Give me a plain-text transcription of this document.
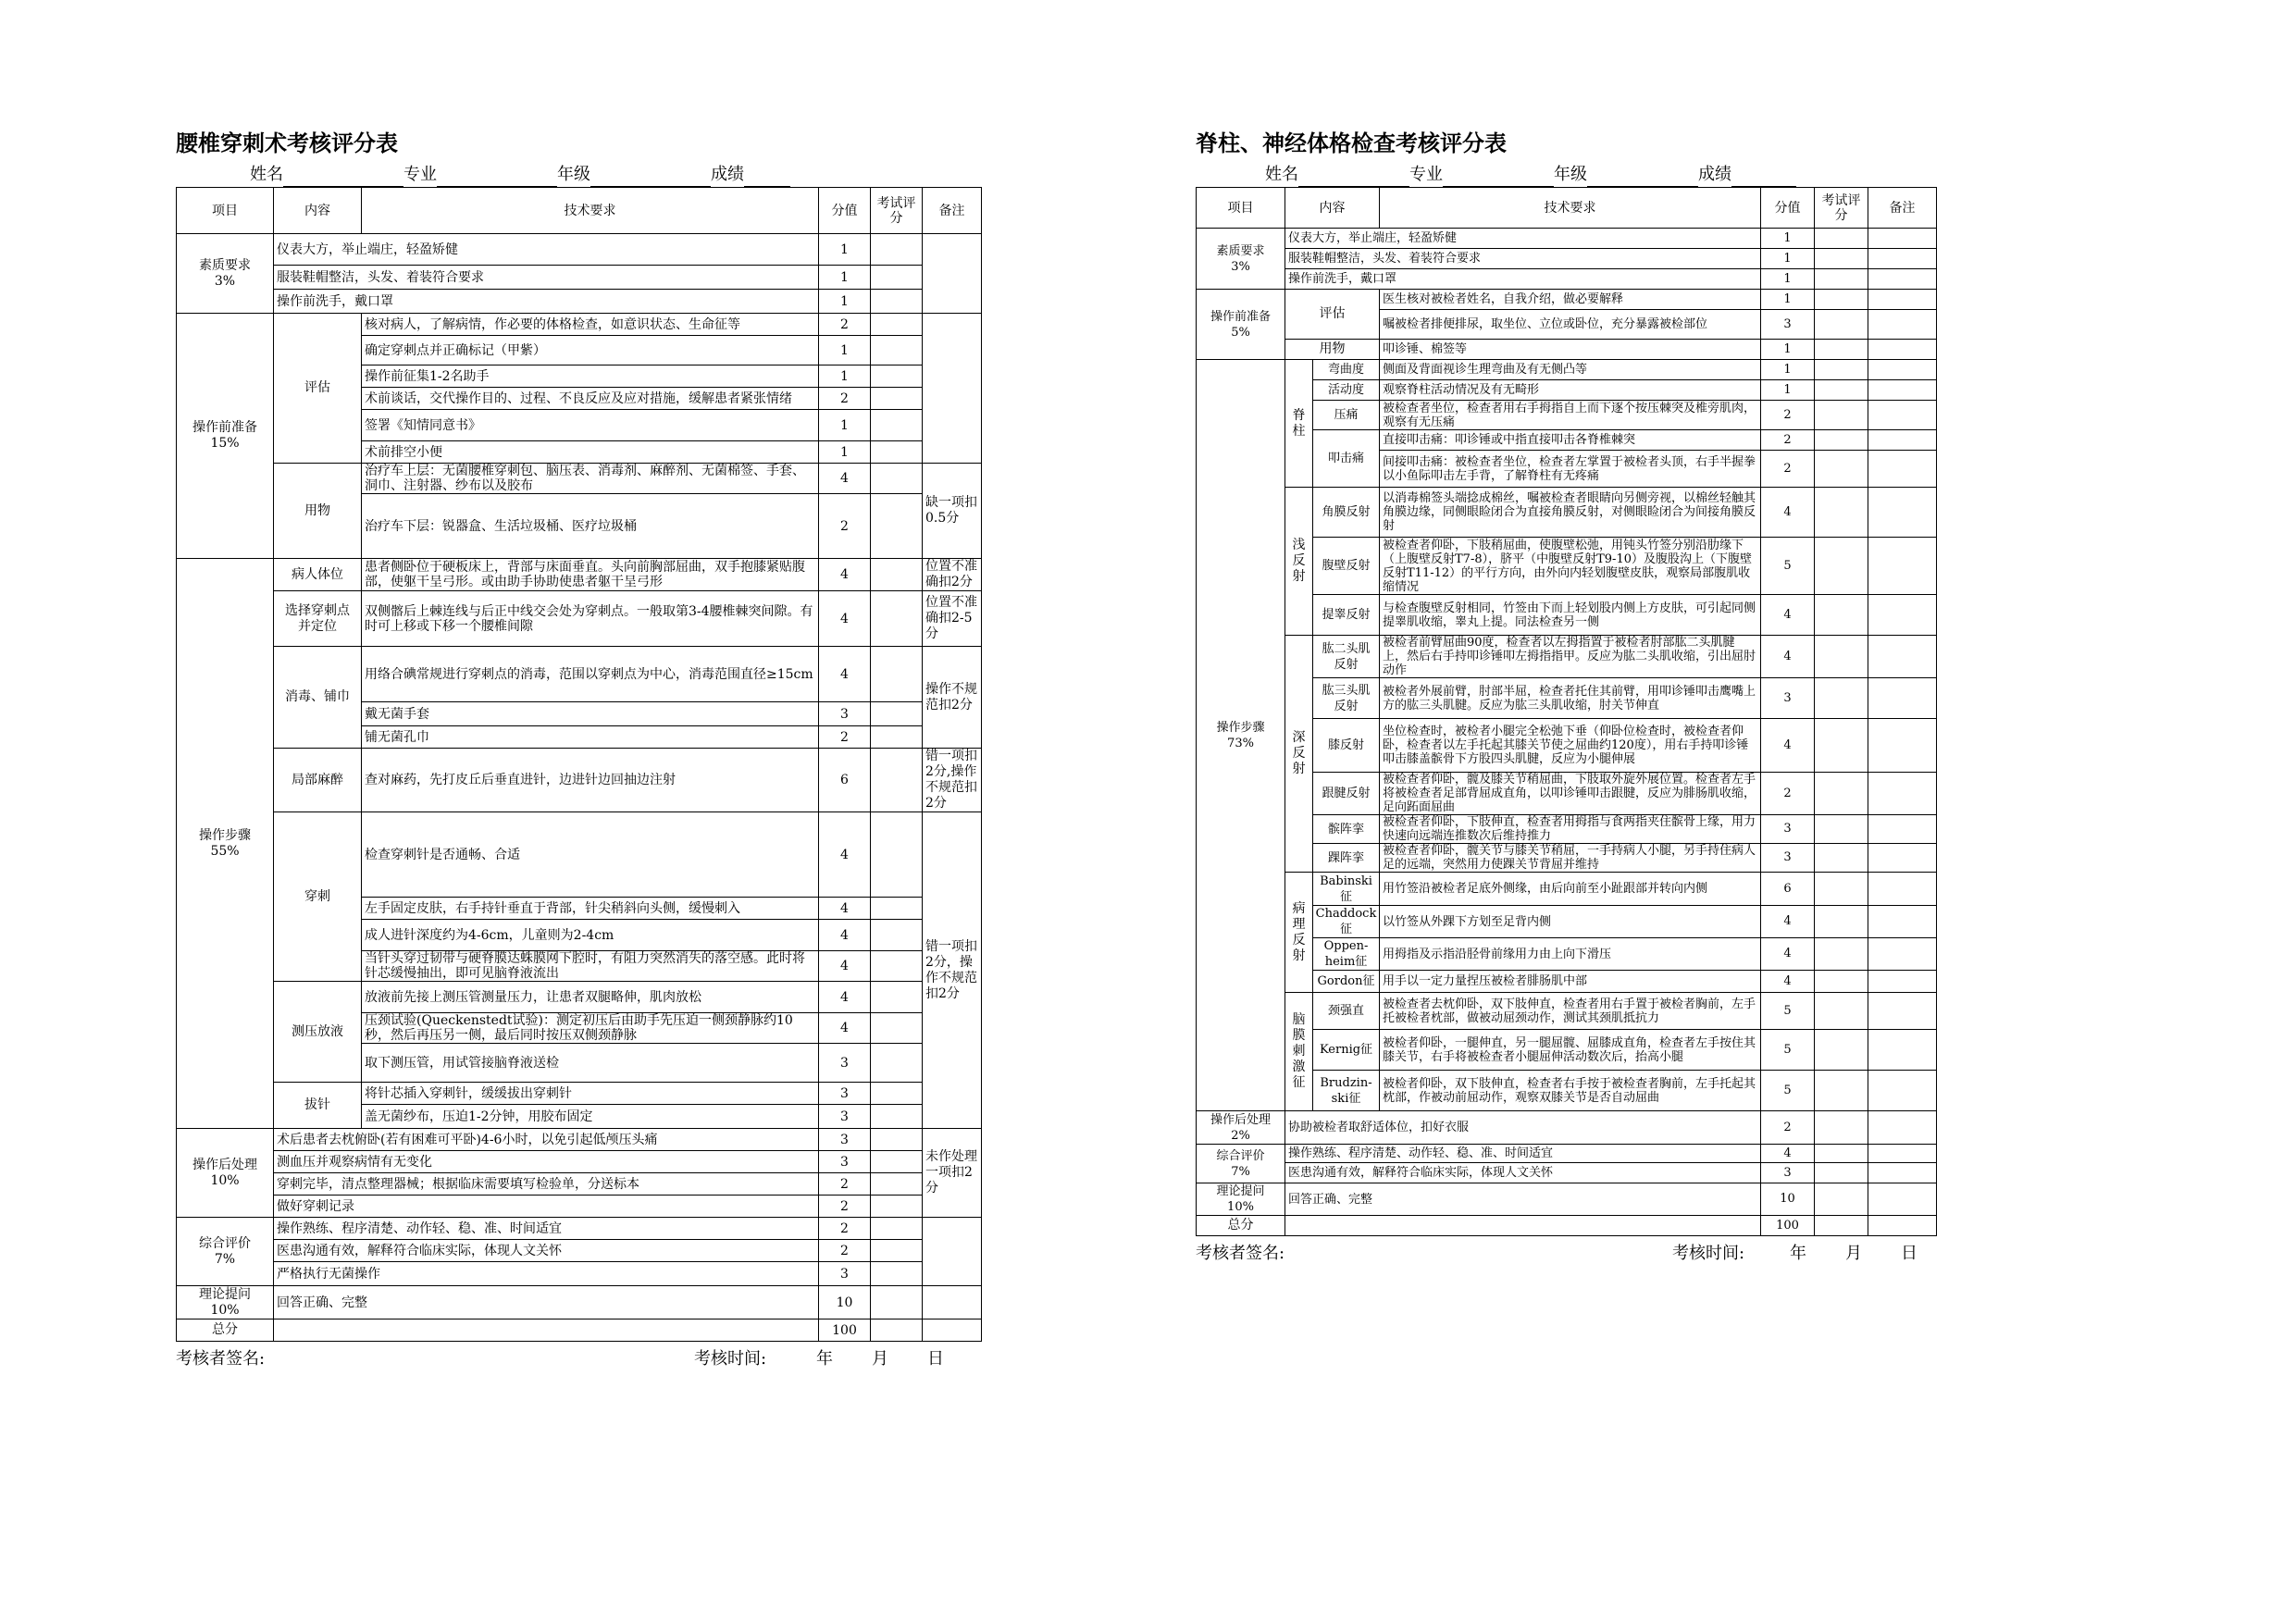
腰椎穿刺术考核评分表
姓名	专业	年级	成绩
项目	内容	技术要求	分值	考试评分	备注
素质要求
3%	仪表大方，举止端庄，轻盈矫健		1		
	服装鞋帽整洁，头发、着装符合要求		1		
	操作前洗手，戴口罩		1		
操作前准备
15%	评估	核对病人，了解病情，作必要的体格检查，如意识状态、生命征等	2		
		确定穿刺点并正确标记（甲紫）	1		
		操作前征集1-2名助手	1		
		术前谈话，交代操作目的、过程、不良反应及应对措施，缓解患者紧张情绪	2		
		签署《知情同意书》	1		
		术前排空小便	1		
	用物	治疗车上层：无菌腰椎穿刺包、脑压表、消毒剂、麻醉剂、无菌棉签、手套、洞巾、注射器、纱布以及胶布	4		缺一项扣0.5分
		治疗车下层：锐器盒、生活垃圾桶、医疗垃圾桶	2		
操作步骤
55%	病人体位	患者侧卧位于硬板床上，背部与床面垂直。头向前胸部屈曲，双手抱膝紧贴腹部，使躯干呈弓形。或由助手协助使患者躯干呈弓形	4		位置不准确扣2分
	选择穿刺点
并定位	双侧髂后上棘连线与后正中线交会处为穿刺点。一般取第3-4腰椎棘突间隙。有时可上移或下移一个腰椎间隙	4		位置不准确扣2-5分
	消毒、铺巾	用络合碘常规进行穿刺点的消毒，范围以穿刺点为中心，消毒范围直径≥15cm	4		操作不规范扣2分
		戴无菌手套	3		
		铺无菌孔巾	2		
	局部麻醉	查对麻药，先打皮丘后垂直进针，边进针边回抽边注射	6		错一项扣2分,操作不规范扣2分
	穿刺	检查穿刺针是否通畅、合适	4		错一项扣2分，操作不规范扣2分
		左手固定皮肤，右手持针垂直于背部，针尖稍斜向头侧，缓慢刺入	4		
		成人进针深度约为4-6cm，儿童则为2-4cm	4		
		当针头穿过韧带与硬脊膜达蛛膜网下腔时，有阻力突然消失的落空感。此时将针芯缓慢抽出，即可见脑脊液流出	4		
	测压放液	放液前先接上测压管测量压力，让患者双腿略伸，肌肉放松	4		
		压颈试验(Queckenstedt试验)：测定初压后由助手先压迫一侧颈静脉约10秒，然后再压另一侧，最后同时按压双侧颈静脉	4		
		取下测压管，用试管接脑脊液送检	3		
	拔针	将针芯插入穿刺针，缓缓拔出穿刺针	3		
		盖无菌纱布，压迫1-2分钟，用胶布固定	3		
操作后处理
10%	术后患者去枕俯卧(若有困难可平卧)4-6小时，以免引起低颅压头痛		3		未作处理一项扣2分
	测血压并观察病情有无变化		3		
	穿刺完毕，清点整理器械；根据临床需要填写检验单，分送标本		2		
	做好穿刺记录		2		
综合评价
7%	操作熟练、程序清楚、动作轻、稳、准、时间适宜		2		
	医患沟通有效，解释符合临床实际，体现人文关怀		2		
	严格执行无菌操作		3		
理论提问
10%	回答正确、完整		10		
总分			100		
考核者签名:	考核时间:	年	月	日
脊柱、神经体格检查考核评分表
姓名	专业	年级	成绩
项目	内容		技术要求	分值	考试评分	备注
素质要求
3%	仪表大方，举止端庄，轻盈矫健			1		
	服装鞋帽整洁，头发、着装符合要求			1		
	操作前洗手，戴口罩			1		
操作前准备
5%	评估		医生核对被检者姓名，自我介绍，做必要解释	1		
			嘱被检者排便排尿，取坐位、立位或卧位，充分暴露被检部位	3		
	用物		叩诊锤、棉签等	1		
操作步骤
73%	脊
柱	弯曲度	侧面及背面视诊生理弯曲及有无侧凸等	1		
		活动度	观察脊柱活动情况及有无畸形	1		
		压痛	被检查者坐位，检查者用右手拇指自上而下逐个按压棘突及椎旁肌肉，观察有无压痛	2		
		叩击痛	直接叩击痛：叩诊锤或中指直接叩击各脊椎棘突	2		
			间接叩击痛：被检查者坐位，检查者左掌置于被检者头顶，右手半握拳以小鱼际叩击左手背，了解脊柱有无疼痛	2		
	浅
反
射	角膜反射	以消毒棉签头端捻成棉丝，嘱被检查者眼睛向另侧旁视，以棉丝轻触其角膜边缘，同侧眼睑闭合为直接角膜反射，对侧眼睑闭合为间接角膜反射	4		
		腹壁反射	被检查者仰卧，下肢稍屈曲，使腹壁松弛，用钝头竹签分别沿肋缘下（上腹壁反射T7-8），脐平（中腹壁反射T9-10）及腹股沟上（下腹壁反射T11-12）的平行方向，由外向内轻划腹壁皮肤，观察局部腹肌收缩情况	5		
		提睾反射	与检查腹壁反射相同，竹签由下而上轻划股内侧上方皮肤，可引起同侧提睾肌收缩，睾丸上提。同法检查另一侧	4		
	深
反
射	肱二头肌
反射	被检者前臂屈曲90度，检查者以左拇指置于被检者肘部肱二头肌腱上，然后右手持叩诊锤叩左拇指指甲。反应为肱二头肌收缩，引出屈肘动作	4		
		肱三头肌
反射	被检者外展前臂，肘部半屈，检查者托住其前臂，用叩诊锤叩击鹰嘴上方的肱三头肌腱。反应为肱三头肌收缩，肘关节伸直	3		
		膝反射	坐位检查时，被检者小腿完全松弛下垂（仰卧位检查时，被检查者仰卧，检查者以左手托起其膝关节使之屈曲约120度），用右手持叩诊锤叩击膝盖髌骨下方股四头肌腱，反应为小腿伸展	4		
		跟腱反射	被检查者仰卧，髋及膝关节稍屈曲，下肢取外旋外展位置。检查者左手将被检查者足部背屈成直角，以叩诊锤叩击跟腱，反应为腓肠肌收缩，足向跖面屈曲	2		
		髌阵挛	被检查者仰卧，下肢伸直，检查者用拇指与食两指夹住髌骨上缘，用力快速向远端连推数次后维持推力	3		
		踝阵挛	被检查者仰卧，髋关节与膝关节稍屈，一手持病人小腿，另手持住病人足的远端，突然用力使踝关节背屈并维持	3		
	病
理
反
射	Babinski
征	用竹签沿被检者足底外侧缘，由后向前至小趾跟部并转向内侧	6		
		Chaddock
征	以竹签从外踝下方划至足背内侧	4		
		Oppen-
heim征	用拇指及示指沿胫骨前缘用力由上向下滑压	4		
		Gordon征	用手以一定力量捏压被检者腓肠肌中部	4		
	脑
膜
刺
激
征	颈强直	被检查者去枕仰卧，双下肢伸直，检查者用右手置于被检者胸前，左手托被检者枕部，做被动屈颈动作，测试其颈肌抵抗力	5		
		Kernig征	被检者仰卧，一腿伸直，另一腿屈髋、屈膝成直角，检查者左手按住其膝关节，右手将被检查者小腿屈伸活动数次后，抬高小腿	5		
		Brudzin-
ski征	被检者仰卧，双下肢伸直，检查者右手按于被检查者胸前，左手托起其枕部，作被动前屈动作，观察双膝关节是否自动屈曲	5		
操作后处理
2%	协助被检者取舒适体位，扣好衣服			2		
综合评价
7%	操作熟练、程序清楚、动作轻、稳、准、时间适宜			4		
	医患沟通有效，解释符合临床实际，体现人文关怀			3		
理论提问
10%	回答正确、完整			10		
总分				100		
考核者签名:	考核时间:	年	月	日
